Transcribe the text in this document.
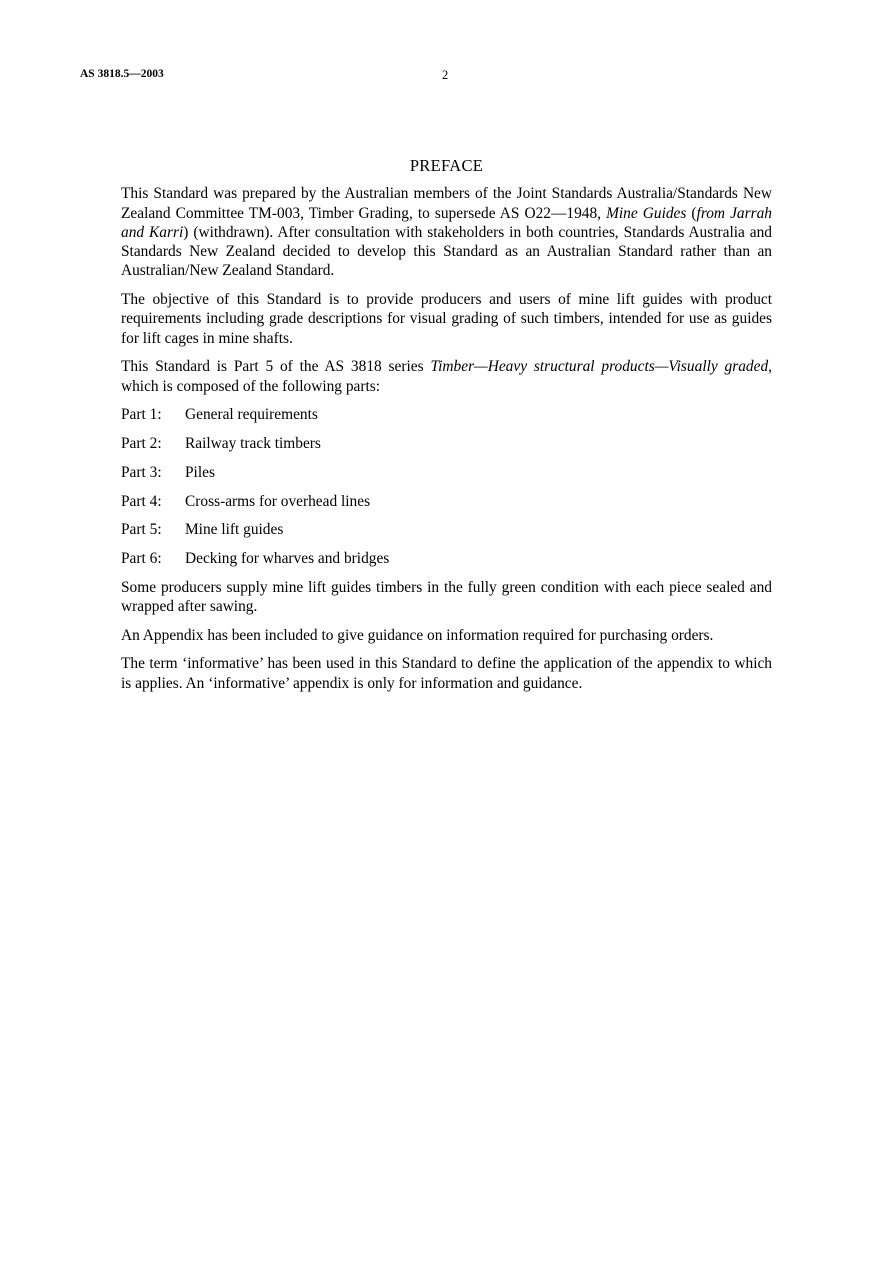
AS 3818.5—2003	2
PREFACE

This Standard was prepared by the Australian members of the Joint Standards Australia/Standards New Zealand Committee TM-003, Timber Grading, to supersede AS O22—1948, Mine Guides (from Jarrah and Karri) (withdrawn). After consultation with stakeholders in both countries, Standards Australia and Standards New Zealand decided to develop this Standard as an Australian Standard rather than an Australian/New Zealand Standard.

The objective of this Standard is to provide producers and users of mine lift guides with product requirements including grade descriptions for visual grading of such timbers, intended for use as guides for lift cages in mine shafts.

This Standard is Part 5 of the AS 3818 series Timber—Heavy structural products—Visually graded, which is composed of the following parts:

Part 1:	General requirements
Part 2:	Railway track timbers
Part 3:	Piles
Part 4:	Cross-arms for overhead lines
Part 5:	Mine lift guides
Part 6:	Decking for wharves and bridges

Some producers supply mine lift guides timbers in the fully green condition with each piece sealed and wrapped after sawing.

An Appendix has been included to give guidance on information required for purchasing orders.

The term ‘informative’ has been used in this Standard to define the application of the appendix to which is applies. An ‘informative’ appendix is only for information and guidance.
